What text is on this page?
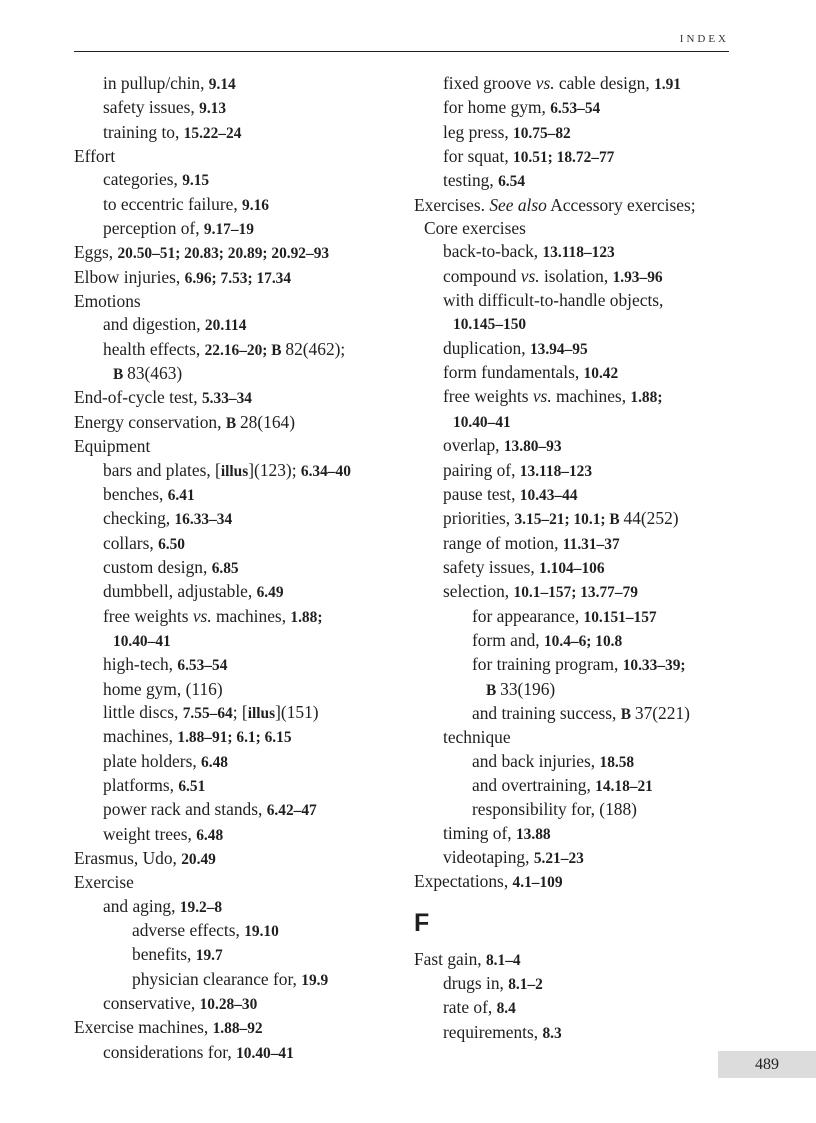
INDEX
in pullup/chin, 9.14
safety issues, 9.13
training to, 15.22–24
Effort
categories, 9.15
to eccentric failure, 9.16
perception of, 9.17–19
Eggs, 20.50–51; 20.83; 20.89; 20.92–93
Elbow injuries, 6.96; 7.53; 17.34
Emotions
and digestion, 20.114
health effects, 22.16–20; B 82(462);
B 83(463)
End-of-cycle test, 5.33–34
Energy conservation, B 28(164)
Equipment
bars and plates, [illus](123); 6.34–40
benches, 6.41
checking, 16.33–34
collars, 6.50
custom design, 6.85
dumbbell, adjustable, 6.49
free weights vs. machines, 1.88;
10.40–41
high-tech, 6.53–54
home gym, (116)
little discs, 7.55–64; [illus](151)
machines, 1.88–91; 6.1; 6.15
plate holders, 6.48
platforms, 6.51
power rack and stands, 6.42–47
weight trees, 6.48
Erasmus, Udo, 20.49
Exercise
and aging, 19.2–8
adverse effects, 19.10
benefits, 19.7
physician clearance for, 19.9
conservative, 10.28–30
Exercise machines, 1.88–92
considerations for, 10.40–41
fixed groove vs. cable design, 1.91
for home gym, 6.53–54
leg press, 10.75–82
for squat, 10.51; 18.72–77
testing, 6.54
Exercises. See also Accessory exercises;
Core exercises
back-to-back, 13.118–123
compound vs. isolation, 1.93–96
with difficult-to-handle objects,
10.145–150
duplication, 13.94–95
form fundamentals, 10.42
free weights vs. machines, 1.88;
10.40–41
overlap, 13.80–93
pairing of, 13.118–123
pause test, 10.43–44
priorities, 3.15–21; 10.1; B 44(252)
range of motion, 11.31–37
safety issues, 1.104–106
selection, 10.1–157; 13.77–79
for appearance, 10.151–157
form and, 10.4–6; 10.8
for training program, 10.33–39;
B 33(196)
and training success, B 37(221)
technique
and back injuries, 18.58
and overtraining, 14.18–21
responsibility for, (188)
timing of, 13.88
videotaping, 5.21–23
Expectations, 4.1–109
F
Fast gain, 8.1–4
drugs in, 8.1–2
rate of, 8.4
requirements, 8.3
489
